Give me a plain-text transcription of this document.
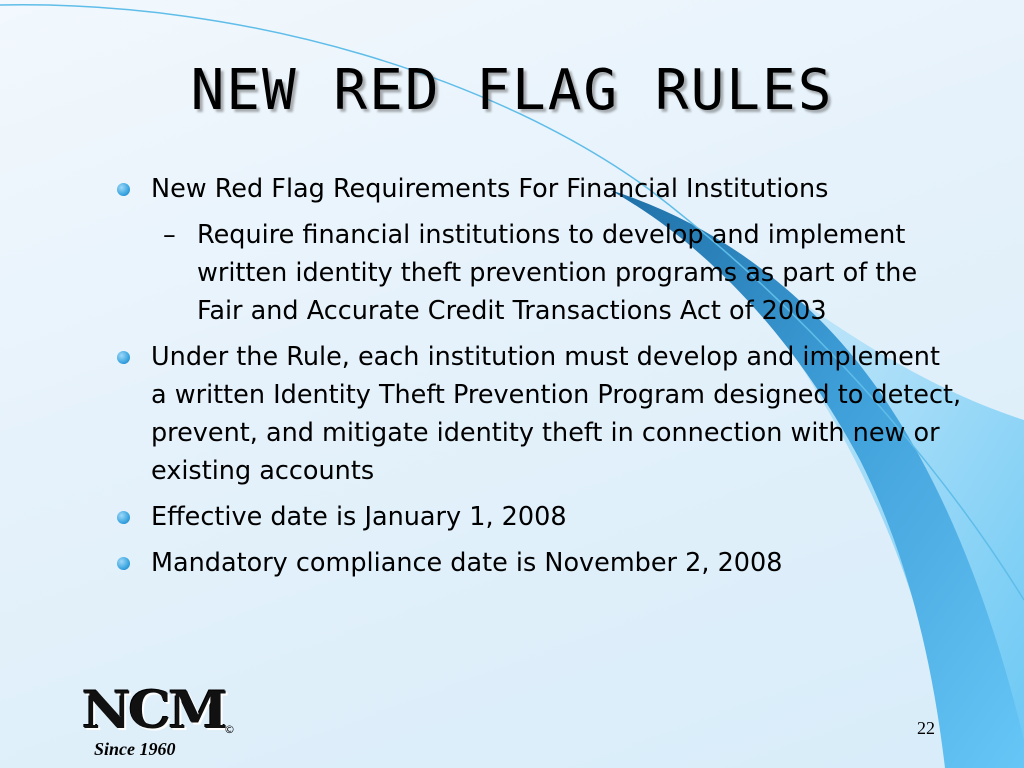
NEW RED FLAG RULES
New Red Flag Requirements For Financial Institutions
– Require financial institutions to develop and implement written identity theft prevention programs as part of the Fair and Accurate Credit Transactions Act of 2003
Under the Rule, each institution must develop and implement a written Identity Theft Prevention Program designed to detect, prevent, and mitigate identity theft in connection with new or existing accounts
Effective date is January 1, 2008
Mandatory compliance date is November 2, 2008
NCM
©
Since 1960
22
